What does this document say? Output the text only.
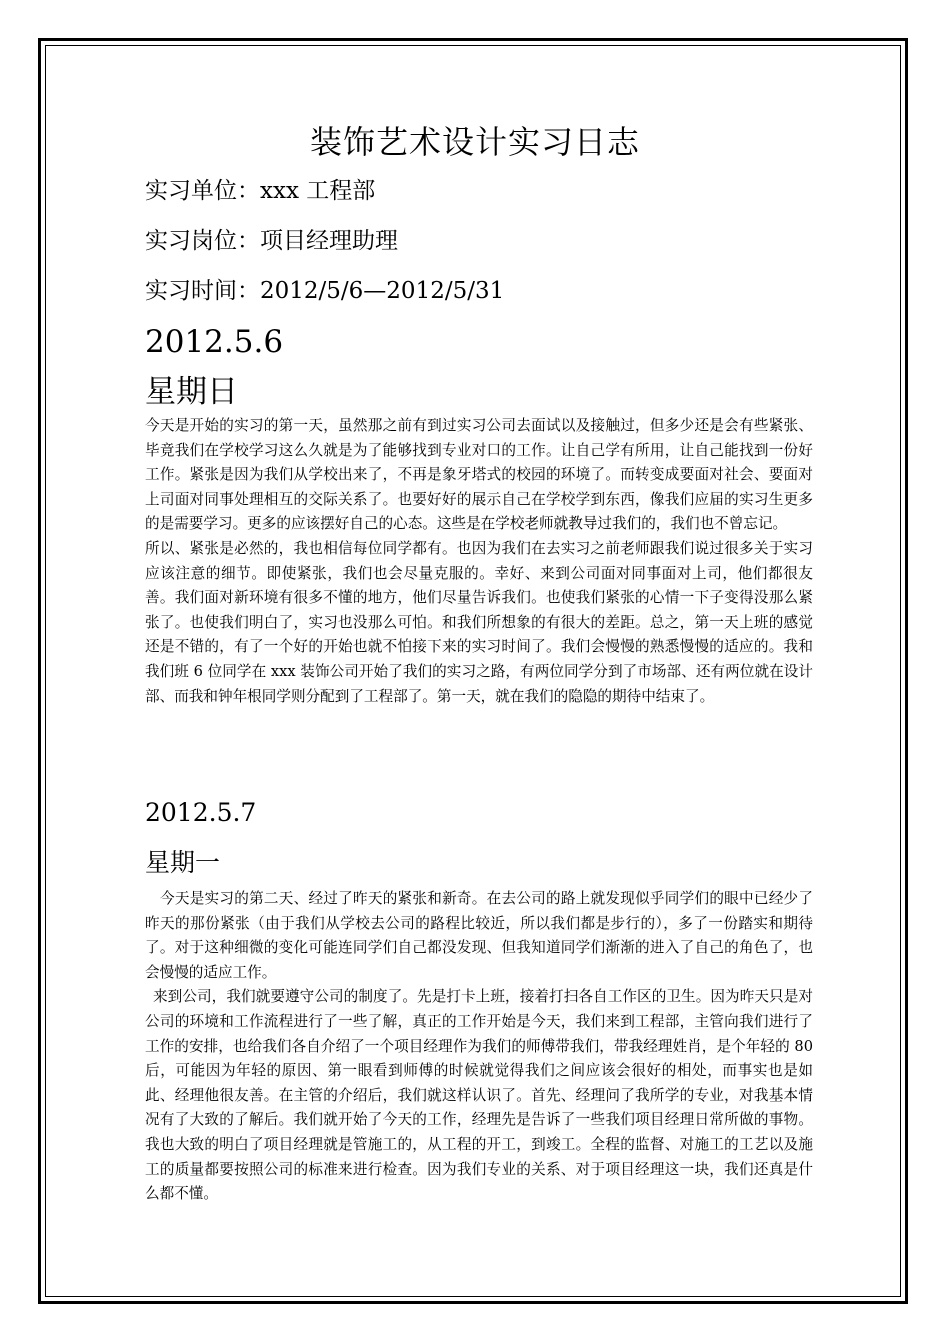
装饰艺术设计实习日志
实习单位：xxx 工程部
实习岗位：项目经理助理
实习时间：2012/5/6—2012/5/31
2012.5.6
星期日

今天是开始的实习的第一天，虽然那之前有到过实习公司去面试以及接触过，但多少还是会有些紧张、毕竟我们在学校学习这么久就是为了能够找到专业对口的工作。让自己学有所用，让自己能找到一份好工作。紧张是因为我们从学校出来了，不再是象牙塔式的校园的环境了。而转变成要面对社会、要面对上司面对同事处理相互的交际关系了。也要好好的展示自己在学校学到东西，像我们应届的实习生更多的是需要学习。更多的应该摆好自己的心态。这些是在学校老师就教导过我们的，我们也不曾忘记。

所以、紧张是必然的，我也相信每位同学都有。也因为我们在去实习之前老师跟我们说过很多关于实习应该注意的细节。即使紧张，我们也会尽量克服的。幸好、来到公司面对同事面对上司，他们都很友善。我们面对新环境有很多不懂的地方，他们尽量告诉我们。也使我们紧张的心情一下子变得没那么紧张了。也使我们明白了，实习也没那么可怕。和我们所想象的有很大的差距。总之，第一天上班的感觉还是不错的，有了一个好的开始也就不怕接下来的实习时间了。我们会慢慢的熟悉慢慢的适应的。我和我们班 6 位同学在 xxx 装饰公司开始了我们的实习之路，有两位同学分到了市场部、还有两位就在设计部、而我和钟年根同学则分配到了工程部了。第一天，就在我们的隐隐的期待中结束了。

2012.5.7
星期一

今天是实习的第二天、经过了昨天的紧张和新奇。在去公司的路上就发现似乎同学们的眼中已经少了昨天的那份紧张（由于我们从学校去公司的路程比较近，所以我们都是步行的），多了一份踏实和期待了。对于这种细微的变化可能连同学们自己都没发现、但我知道同学们渐渐的进入了自己的角色了，也会慢慢的适应工作。

来到公司，我们就要遵守公司的制度了。先是打卡上班，接着打扫各自工作区的卫生。因为昨天只是对公司的环境和工作流程进行了一些了解，真正的工作开始是今天，我们来到工程部，主管向我们进行了工作的安排，也给我们各自介绍了一个项目经理作为我们的师傅带我们，带我经理姓肖，是个年轻的 80 后，可能因为年轻的原因、第一眼看到师傅的时候就觉得我们之间应该会很好的相处，而事实也是如此、经理他很友善。在主管的介绍后，我们就这样认识了。首先、经理问了我所学的专业，对我基本情况有了大致的了解后。我们就开始了今天的工作，经理先是告诉了一些我们项目经理日常所做的事物。我也大致的明白了项目经理就是管施工的，从工程的开工，到竣工。全程的监督、对施工的工艺以及施工的质量都要按照公司的标准来进行检查。因为我们专业的关系、对于项目经理这一块，我们还真是什么都不懂。
